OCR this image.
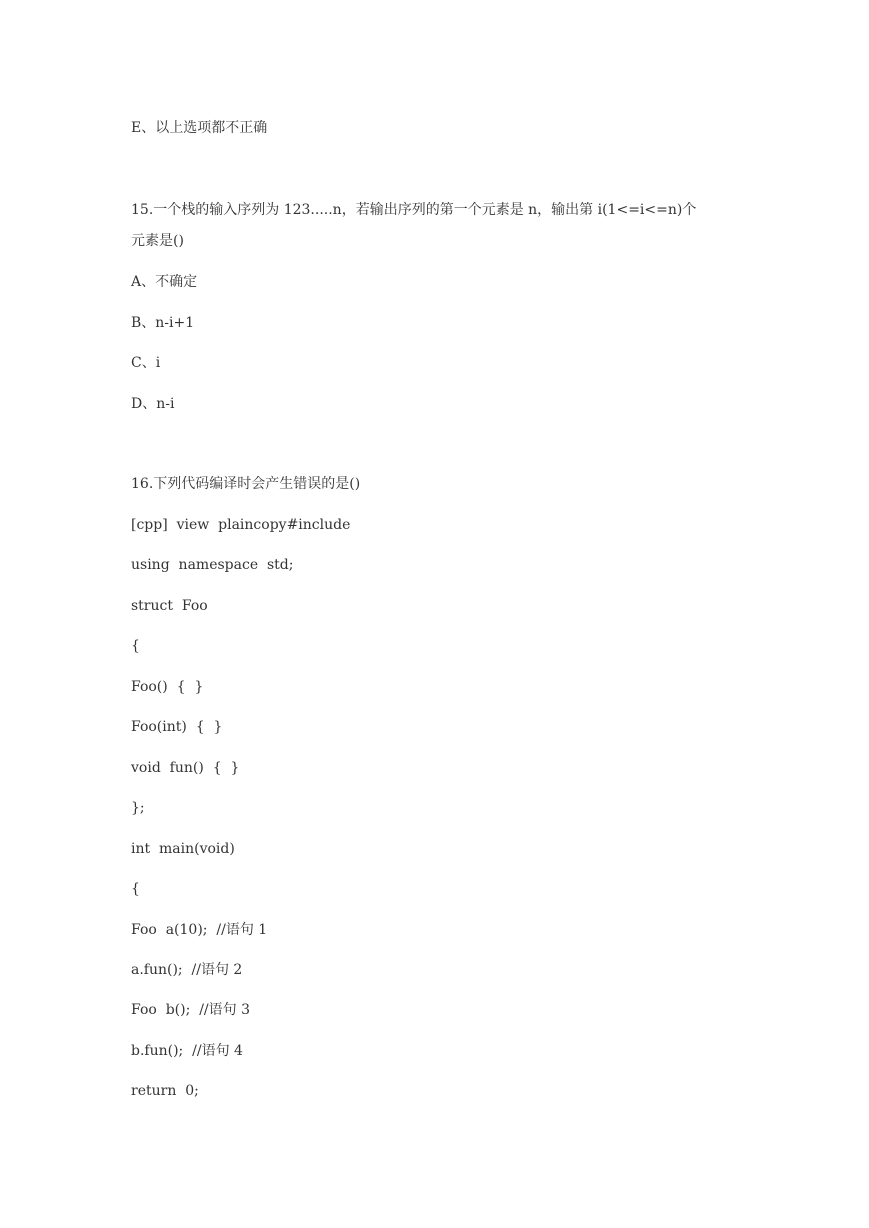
E、以上选项都不正确
15.一个栈的输入序列为 123.....n，若输出序列的第一个元素是 n，输出第 i(1<=i<=n)个
元素是()
A、不确定
B、n-i+1
C、i
D、n-i
16.下列代码编译时会产生错误的是()
[cpp]  view  plaincopy#include
using  namespace  std;
struct  Foo
{
Foo()  {  }
Foo(int)  {  }
void  fun()  {  }
};
int  main(void)
{
Foo  a(10);  //语句 1
a.fun();  //语句 2
Foo  b();  //语句 3
b.fun();  //语句 4
return  0;
